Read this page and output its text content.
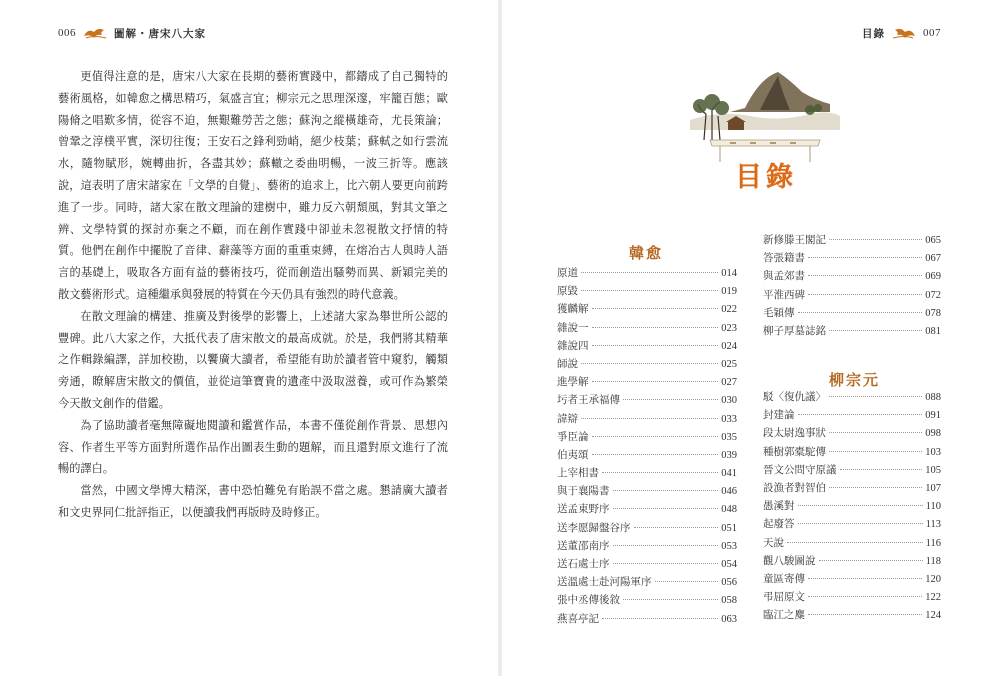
006	圖解・唐宋八大家	目錄	007

更值得注意的是，唐宋八大家在長期的藝術實踐中，都鑄成了自己獨特的藝術風格，如韓愈之構思精巧，氣盛言宜；柳宗元之思理深邃，牢籠百態；歐陽脩之唱歎多情，從容不迫，無艱難勞苦之態；蘇洵之縱橫雄奇，尤長策論；曾鞏之淳樸平實，深切往復；王安石之鋒利勁峭，絕少枝葉；蘇軾之如行雲流水，隨物賦形，婉轉曲折，各盡其妙；蘇轍之委曲明暢，一波三折等。應該說，這表明了唐宋諸家在「文學的自覺」、藝術的追求上，比六朝人要更向前跨進了一步。同時，諸大家在散文理論的建樹中，雖力反六朝頹風，對其文筆之辨、文學特質的探討亦棄之不顧，而在創作實踐中卻並未忽視散文抒情的特質。他們在創作中擺脫了音律、辭藻等方面的重重束縛，在熔冶古人與時人語言的基礎上，吸取各方面有益的藝術技巧，從而創造出騷勢而異、新穎完美的散文藝術形式。這種繼承與發展的特質在今天仍具有強烈的時代意義。

在散文理論的構建、推廣及對後學的影響上，上述諸大家為舉世所公認的豐碑。此八大家之作，大抵代表了唐宋散文的最高成就。於是，我們將其精華之作輯錄編譯，詳加校勘，以饗廣大讀者，希望能有助於讀者管中窺豹，觸類旁通，瞭解唐宋散文的價值，並從這筆寶貴的遺產中汲取滋養，或可作為繁榮今天散文創作的借鑑。

為了協助讀者毫無障礙地閱讀和鑑賞作品，本書不僅從創作背景、思想內容、作者生平等方面對所選作品作出圖表生動的題解，而且還對原文進行了流暢的譯白。

當然，中國文學博大精深，書中恐怕難免有貽誤不當之處。懇請廣大讀者和文史界同仁批評指正，以便讀我們再版時及時修正。

目錄
韓愈
柳宗元
原道	014
原毀	019
獲麟解	022
雜說一	023
雜說四	024
師說	025
進學解	027
圬者王承福傳	030
諱辯	033
爭臣論	035
伯夷頌	039
上宰相書	041
與于襄陽書	046
送孟東野序	048
送李愿歸盤谷序	051
送董邵南序	053
送石處士序	054
送溫處士赴河陽軍序	056
張中丞傳後敘	058
燕喜亭記	063
新修滕王閣記	065
答張籍書	067
與孟郊書	069
平淮西碑	072
毛穎傳	078
柳子厚墓誌銘	081
駁〈復仇議〉	088
封建論	091
段太尉逸事狀	098
種樹郭橐駝傳	103
晉文公問守原議	105
設漁者對智伯	107
愚溪對	110
起廢答	113
天說	116
觀八駿圖說	118
童區寄傳	120
弔屈原文	122
臨江之麋	124
